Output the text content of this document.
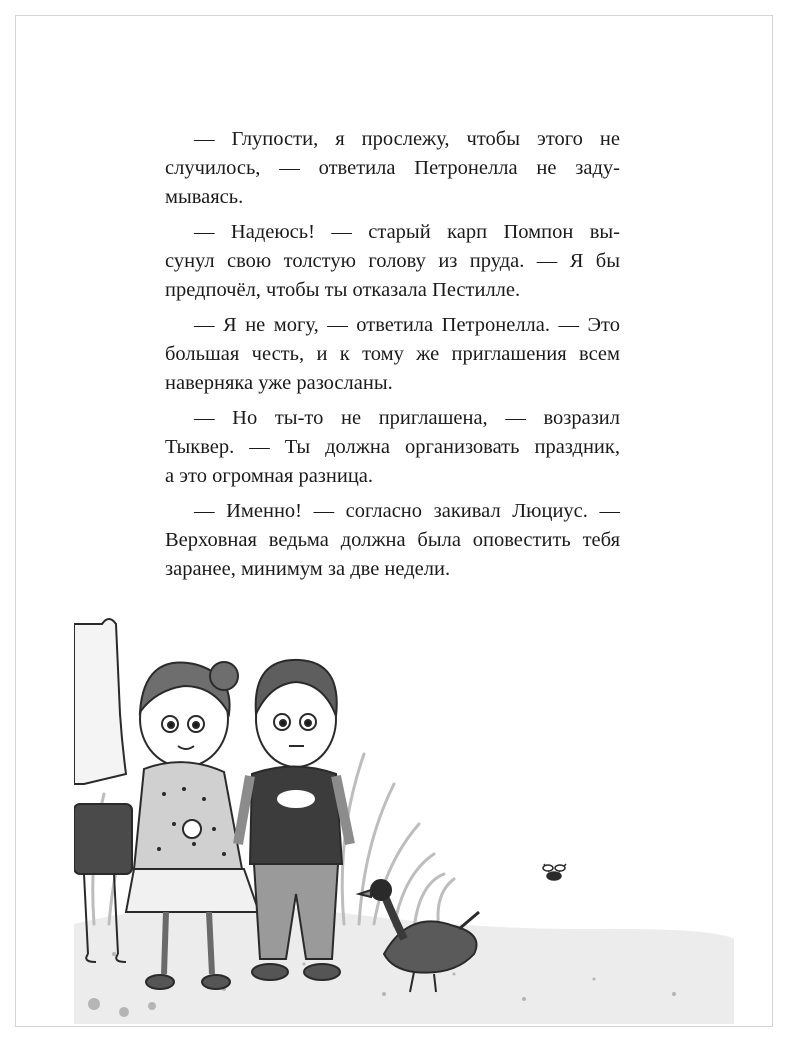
— Глупости, я прослежу, чтобы этого не
случилось, — ответила Петронелла не заду-
мываясь.

— Надеюсь! — старый карп Помпон вы-
сунул свою толстую голову из пруда. — Я бы
предпочёл, чтобы ты отказала Пестилле.

— Я не могу, — ответила Петронелла. — Это
большая честь, и к тому же приглашения всем
наверняка уже разосланы.

— Но ты-то не приглашена, — возразил
Тыквер. — Ты должна организовать праздник,
а это огромная разница.

— Именно! — согласно закивал Люциус. —
Верховная ведьма должна была оповестить тебя
заранее, минимум за две недели.
